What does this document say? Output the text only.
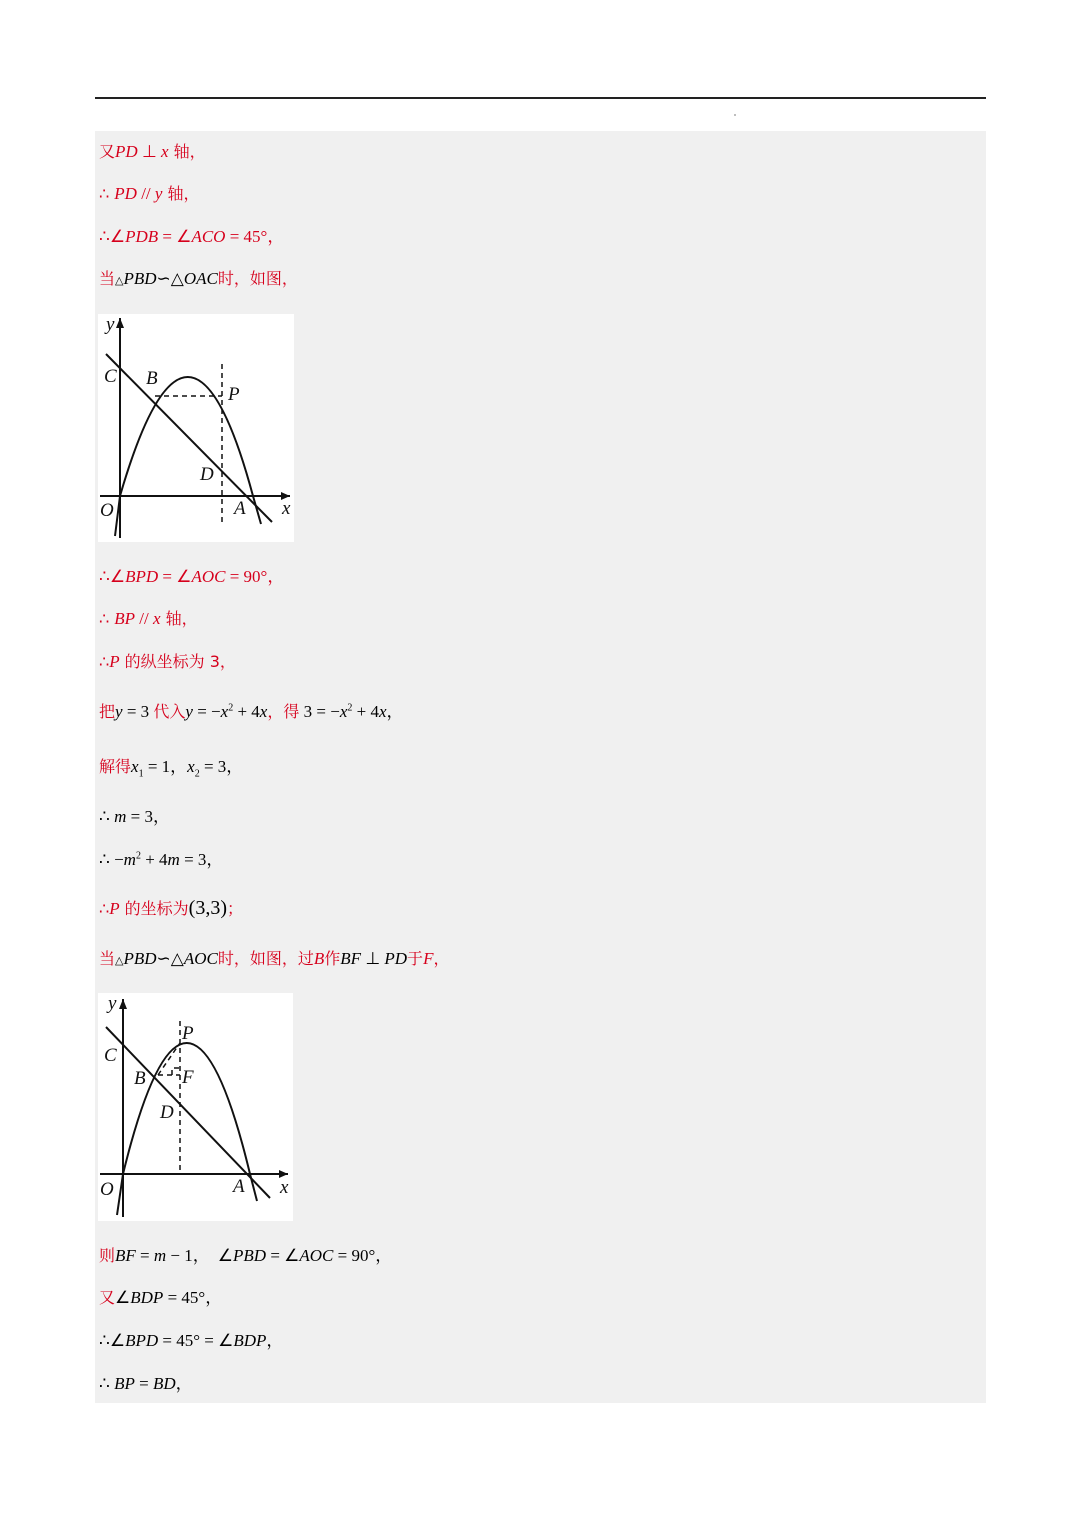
又PD ⊥ x 轴，
∴ PD // y 轴，
∴∠PDB = ∠ACO = 45°，
当△PBD∽△OAC时，如图，
y
x
O
C B
P
D
A
∴∠BPD = ∠AOC = 90°，
∴ BP // x 轴，
∴P 的纵坐标为 3，
把y = 3 代入$y = -x^2 + 4x$，得 $3 = -x^2 + 4x$，
解得$x_1 = 1$，$x_2 = 3$，
∴ m = 3，
∴ $-m^2 + 4m = 3$，
∴P 的坐标为(3,3)；
当△PBD∽△AOC时，如图，过B作BF ⊥ PD于F，
y
x
O
C
B
P
F
D
A
则BF = m − 1， ∠PBD = ∠AOC = 90°，
又∠BDP = 45°，
∴∠BPD = 45° = ∠BDP，
∴ BP = BD，
